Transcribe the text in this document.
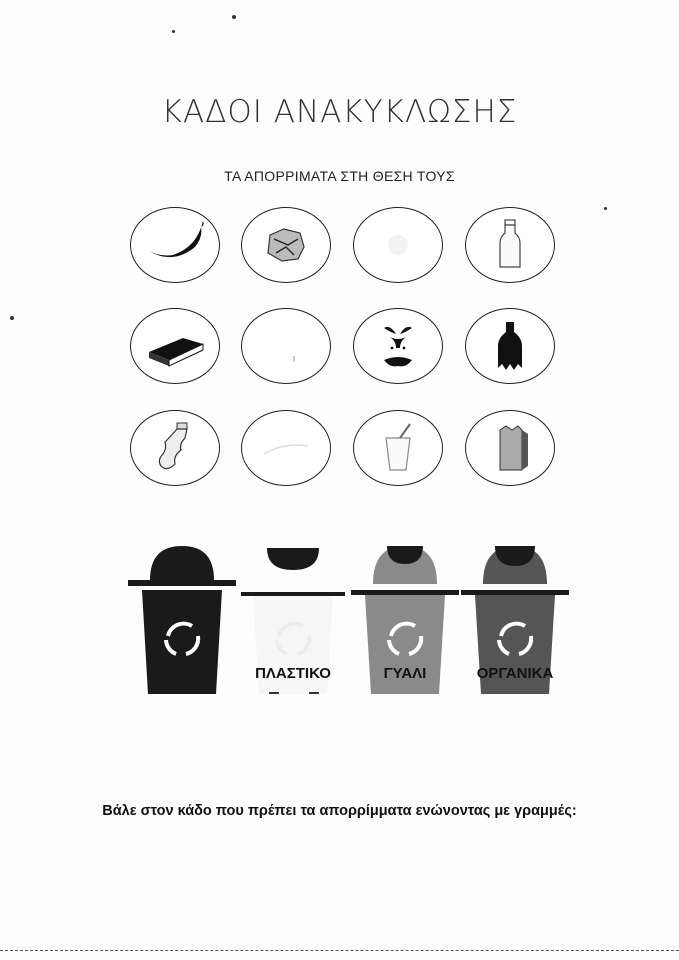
ΚΑΔΟΙ ΑΝΑΚΥΚΛΩΣΗΣ
ΤΑ ΑΠΟΡΡΙΜΑΤΑ ΣΤΗ ΘΕΣΗ ΤΟΥΣ
ΠΛΑΣΤΙΚΟ	ΓΥΑΛΙ	ΟΡΓΑΝΙΚΑ
Βάλε στον κάδο που πρέπει τα απορρίμματα ενώνοντας με γραμμές:
